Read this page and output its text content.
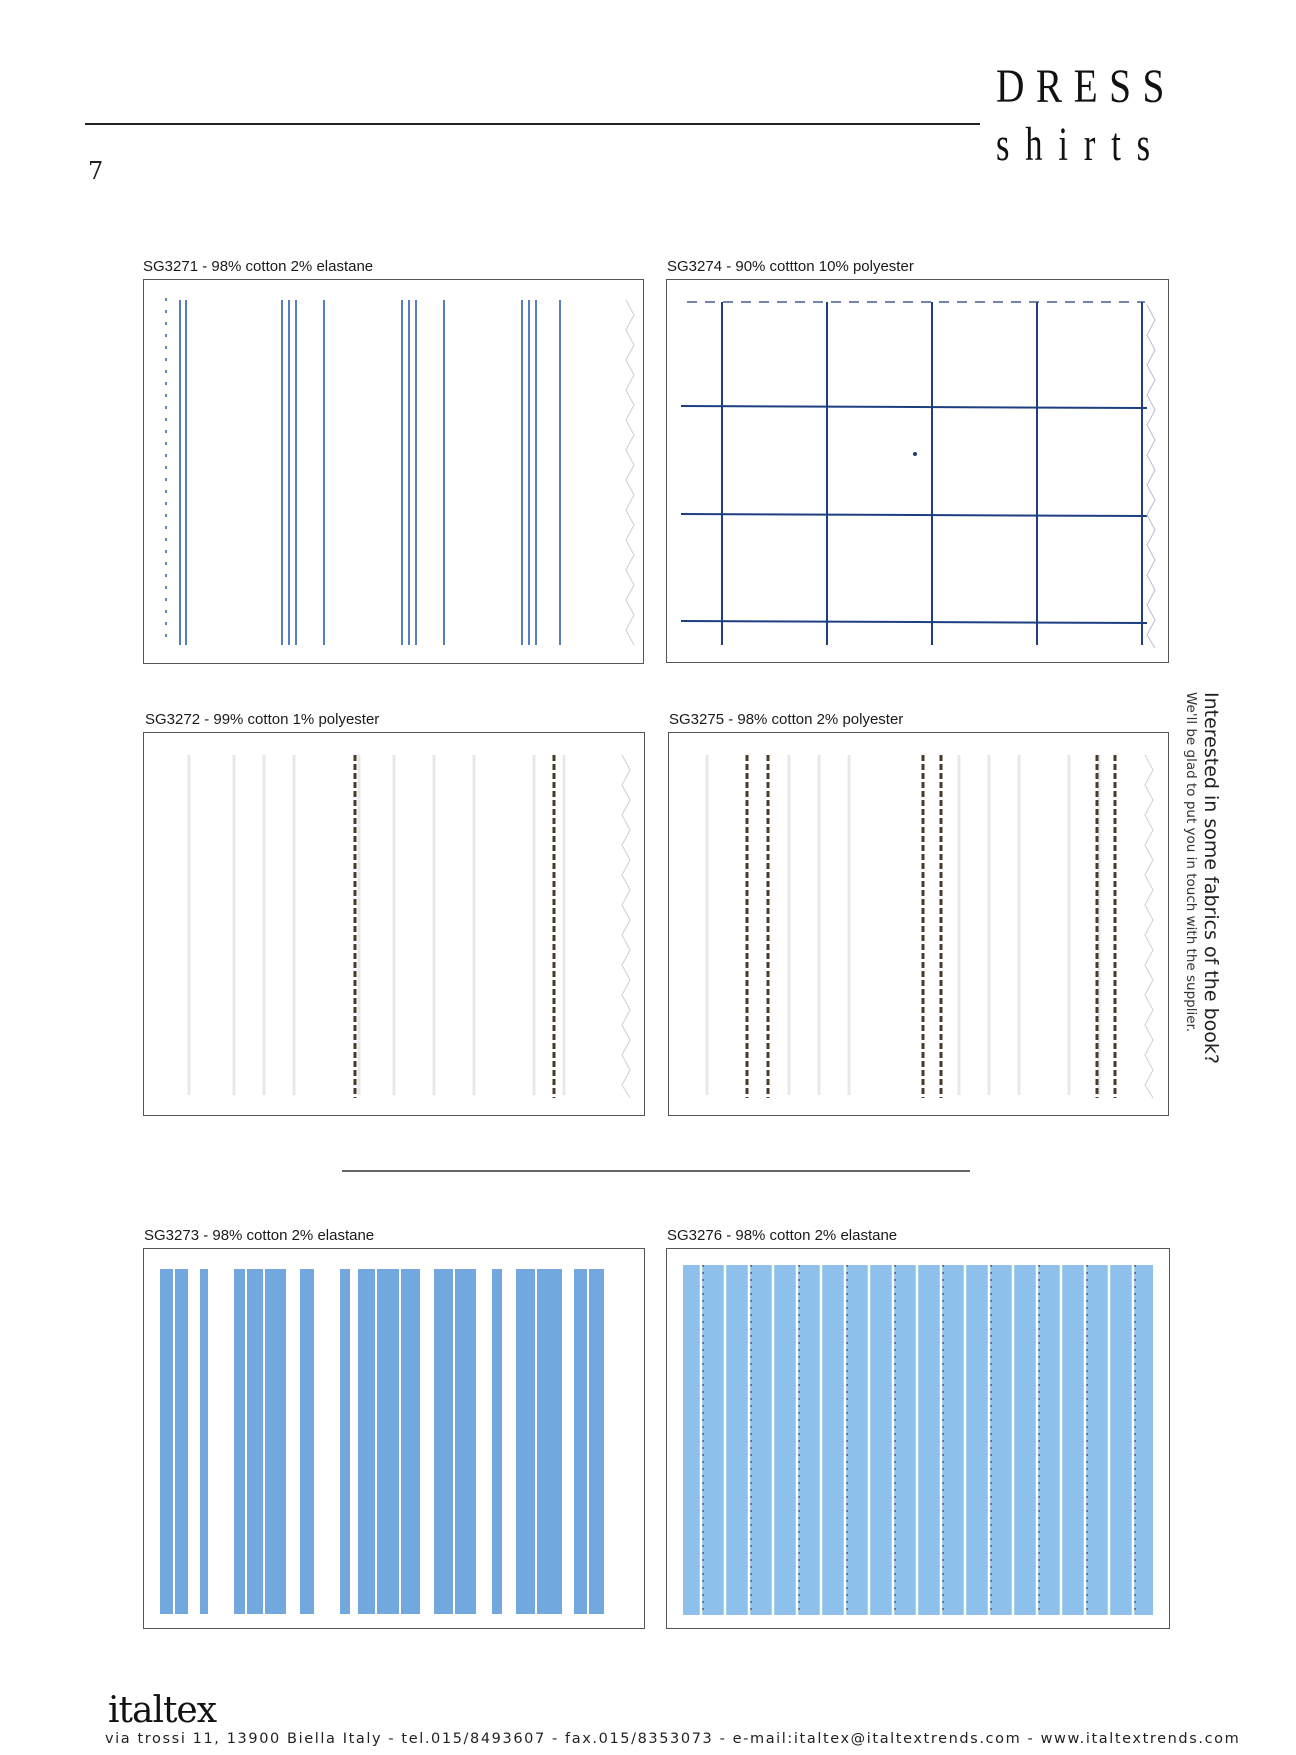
7
DRESS
shirts
SG3271 - 98% cotton 2% elastane	SG3274 - 90% cottton 10% polyester
SG3272 - 99% cotton 1% polyester	SG3275 - 98% cotton 2% polyester
SG3273 - 98% cotton 2% elastane	SG3276 - 98% cotton 2% elastane
Interested in some fabrics of the book?
We'll be glad to put you in touch with the supplier.
italtex
via trossi 11, 13900 Biella Italy - tel.015/8493607 - fax.015/8353073 - e-mail:italtex@italtextrends.com - www.italtextrends.com
